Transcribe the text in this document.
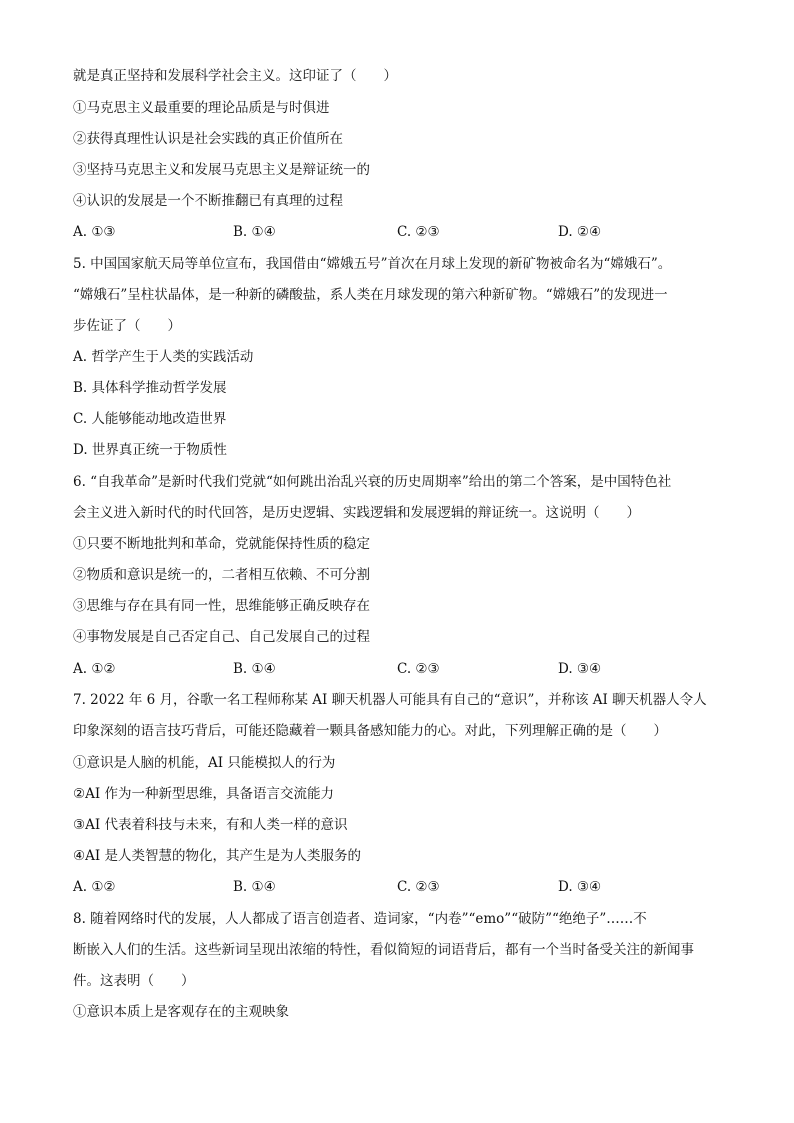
就是真正坚持和发展科学社会主义。这印证了（　　）
①马克思主义最重要的理论品质是与时俱进
②获得真理性认识是社会实践的真正价值所在
③坚持马克思主义和发展马克思主义是辩证统一的
④认识的发展是一个不断推翻已有真理的过程
A. ①③	B. ①④	C. ②③	D. ②④
5. 中国国家航天局等单位宣布，我国借由“嫦娥五号”首次在月球上发现的新矿物被命名为“嫦娥石”。
“嫦娥石”呈柱状晶体，是一种新的磷酸盐，系人类在月球发现的第六种新矿物。“嫦娥石”的发现进一
步佐证了（　　）
A. 哲学产生于人类的实践活动
B. 具体科学推动哲学发展
C. 人能够能动地改造世界
D. 世界真正统一于物质性
6. “自我革命”是新时代我们党就“如何跳出治乱兴衰的历史周期率”给出的第二个答案，是中国特色社
会主义进入新时代的时代回答，是历史逻辑、实践逻辑和发展逻辑的辩证统一。这说明（　　）
①只要不断地批判和革命，党就能保持性质的稳定
②物质和意识是统一的，二者相互依赖、不可分割
③思维与存在具有同一性，思维能够正确反映存在
④事物发展是自己否定自己、自己发展自己的过程
A. ①②	B. ①④	C. ②③	D. ③④
7. 2022 年 6 月，谷歌一名工程师称某 AI 聊天机器人可能具有自己的“意识”，并称该 AI 聊天机器人令人
印象深刻的语言技巧背后，可能还隐藏着一颗具备感知能力的心。对此，下列理解正确的是（　　）
①意识是人脑的机能，AI 只能模拟人的行为
②AI 作为一种新型思维，具备语言交流能力
③AI 代表着科技与未来，有和人类一样的意识
④AI 是人类智慧的物化，其产生是为人类服务的
A. ①②	B. ①④	C. ②③	D. ③④
8. 随着网络时代的发展，人人都成了语言创造者、造词家，“内卷”“emo”“破防”“绝绝子”……不
断嵌入人们的生活。这些新词呈现出浓缩的特性，看似简短的词语背后，都有一个当时备受关注的新闻事
件。这表明（　　）
①意识本质上是客观存在的主观映象
